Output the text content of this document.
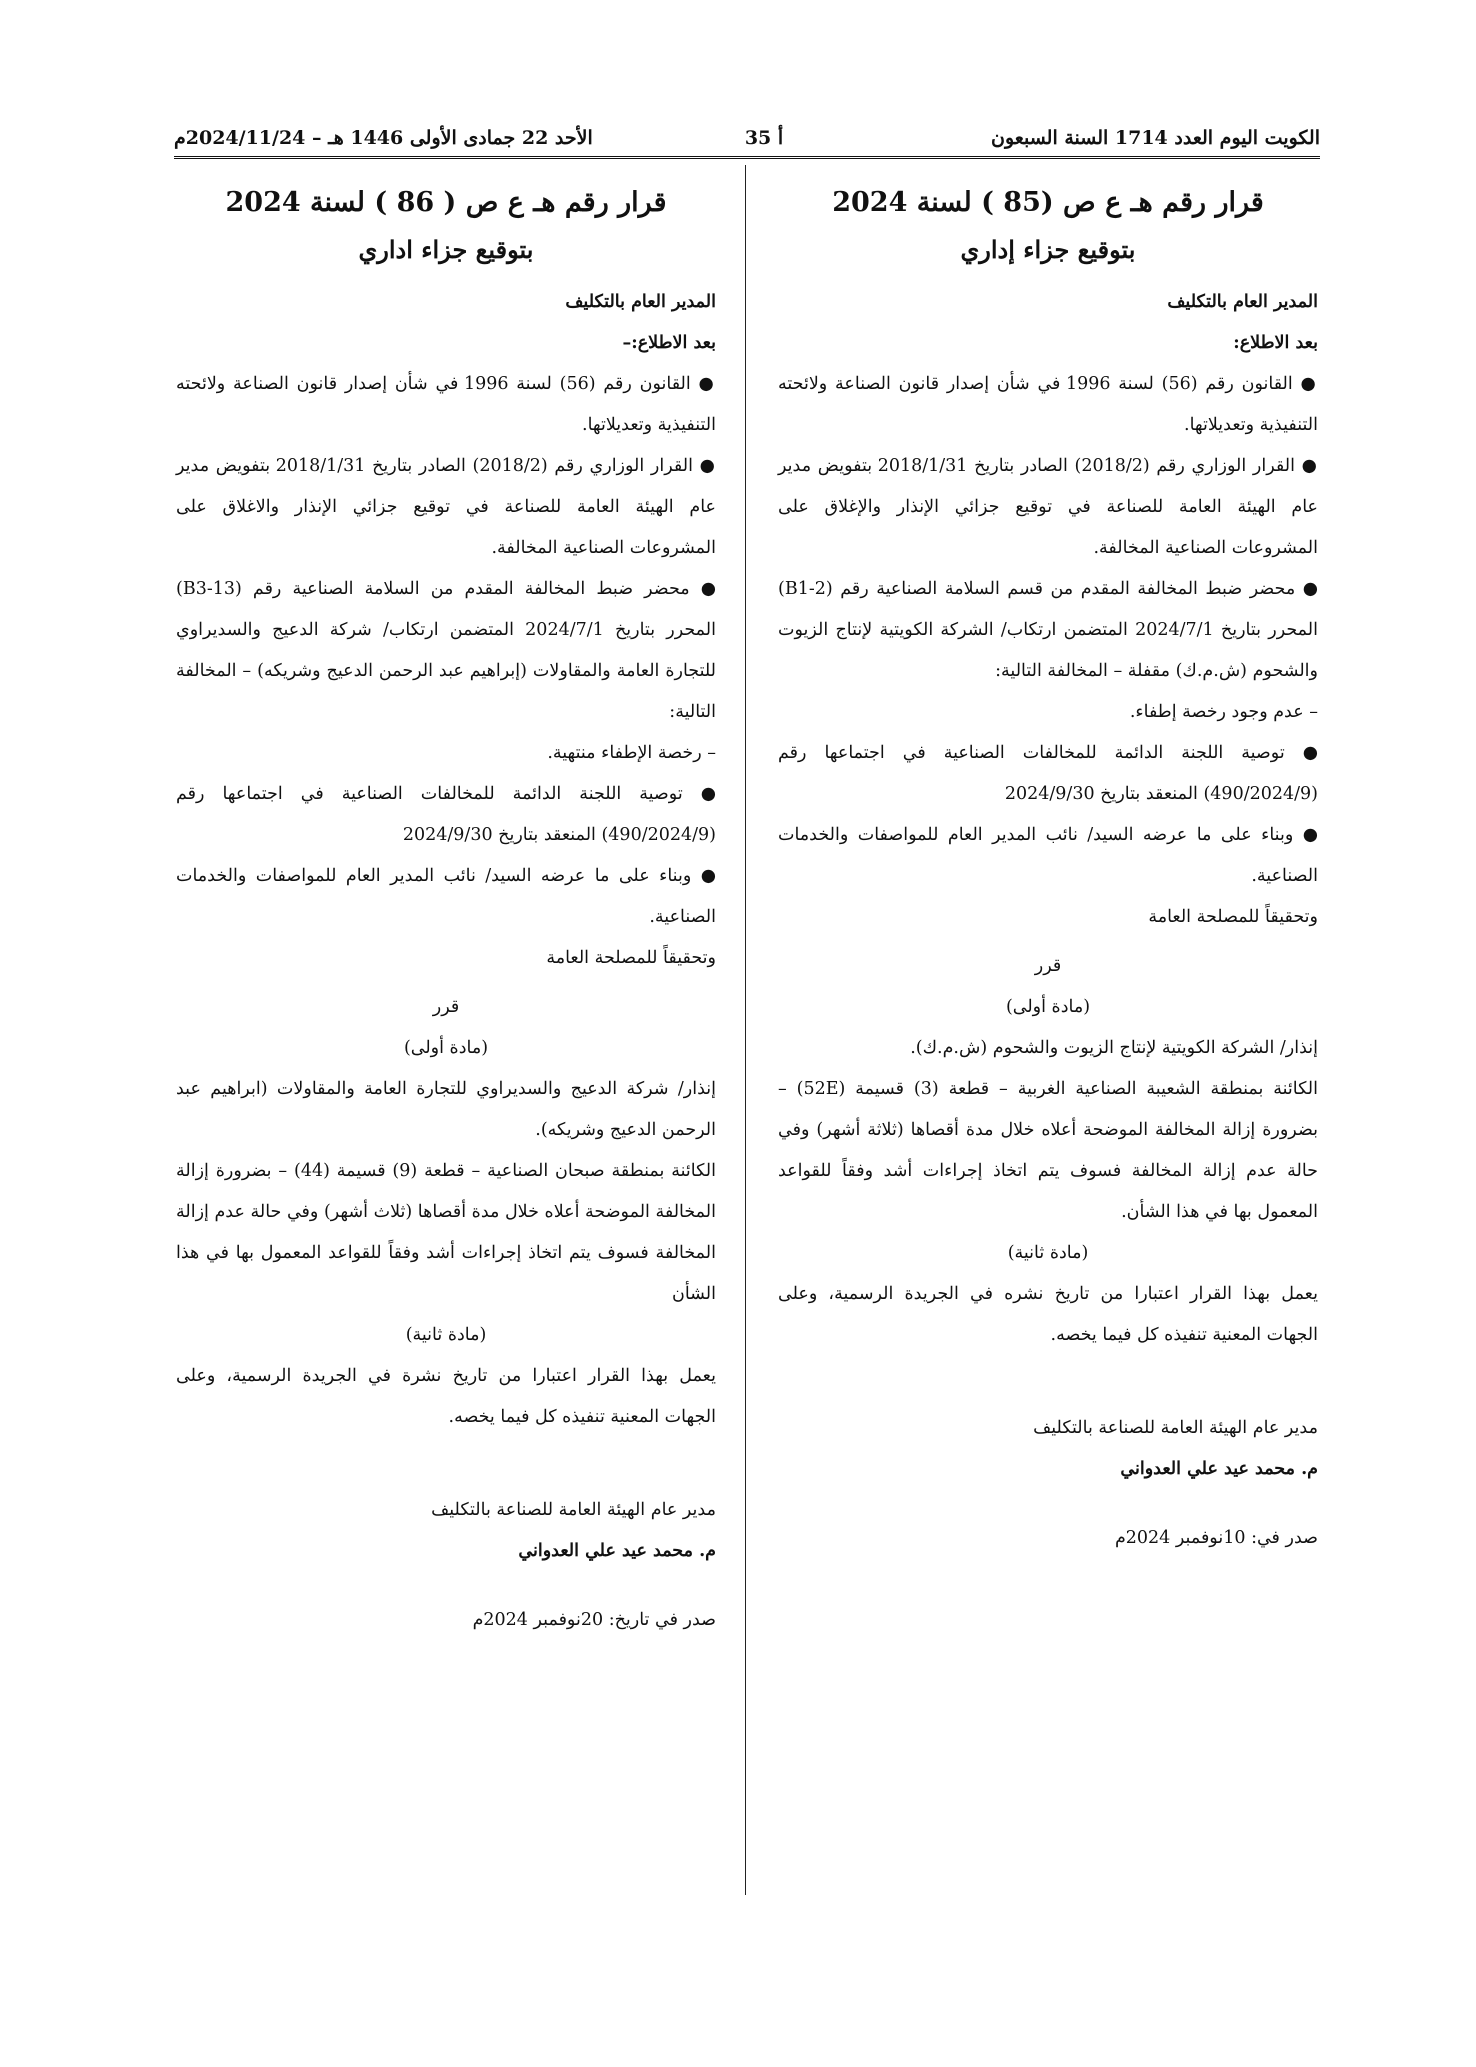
الكويت اليوم العدد 1714 السنة السبعون
أ 35
الأحد 22 جمادى الأولى 1446 هـ – 2024/11/24م

قرار رقم هـ ع ص (85 ) لسنة 2024

بتوقيع جزاء إداري

المدير العام بالتكليف

بعد الاطلاع:

● القانون رقم (56) لسنة 1996 في شأن إصدار قانون الصناعة ولائحته التنفيذية وتعديلاتها.

● القرار الوزاري رقم (2018/2) الصادر بتاريخ 2018/1/31 بتفويض مدير عام الهيئة العامة للصناعة في توقيع جزائي الإنذار والإغلاق على المشروعات الصناعية المخالفة.

● محضر ضبط المخالفة المقدم من قسم السلامة الصناعية رقم (B1-2) المحرر بتاريخ 2024/7/1 المتضمن ارتكاب/ الشركة الكويتية لإنتاج الزيوت والشحوم (ش.م.ك) مقفلة – المخالفة التالية:

– عدم وجود رخصة إطفاء.

● توصية اللجنة الدائمة للمخالفات الصناعية في اجتماعها رقم (490/2024/9) المنعقد بتاريخ 2024/9/30

● وبناء على ما عرضه السيد/ نائب المدير العام للمواصفات والخدمات الصناعية.

وتحقيقاً للمصلحة العامة

قرر

(مادة أولى)

إنذار/ الشركة الكويتية لإنتاج الزيوت والشحوم (ش.م.ك).

الكائنة بمنطقة الشعيبة الصناعية الغربية – قطعة (3) قسيمة (52E) – بضرورة إزالة المخالفة الموضحة أعلاه خلال مدة أقصاها (ثلاثة أشهر) وفي حالة عدم إزالة المخالفة فسوف يتم اتخاذ إجراءات أشد وفقاً للقواعد المعمول بها في هذا الشأن.

(مادة ثانية)

يعمل بهذا القرار اعتبارا من تاريخ نشره في الجريدة الرسمية، وعلى الجهات المعنية تنفيذه كل فيما يخصه.

مدير عام الهيئة العامة للصناعة بالتكليف

م. محمد عيد علي العدواني

صدر في: 10نوفمبر 2024م

قرار رقم هـ ع ص ( 86 ) لسنة 2024

بتوقيع جزاء اداري

المدير العام بالتكليف

بعد الاطلاع:–

● القانون رقم (56) لسنة 1996 في شأن إصدار قانون الصناعة ولائحته التنفيذية وتعديلاتها.

● القرار الوزاري رقم (2018/2) الصادر بتاريخ 2018/1/31 بتفويض مدير عام الهيئة العامة للصناعة في توقيع جزائي الإنذار والاغلاق على المشروعات الصناعية المخالفة.

● محضر ضبط المخالفة المقدم من السلامة الصناعية رقم (B3-13) المحرر بتاريخ 2024/7/1 المتضمن ارتكاب/ شركة الدعيج والسديراوي للتجارة العامة والمقاولات (إبراهيم عبد الرحمن الدعيج وشريكه) – المخالفة التالية:

– رخصة الإطفاء منتهية.

● توصية اللجنة الدائمة للمخالفات الصناعية في اجتماعها رقم (490/2024/9) المنعقد بتاريخ 2024/9/30

● وبناء على ما عرضه السيد/ نائب المدير العام للمواصفات والخدمات الصناعية.

وتحقيقاً للمصلحة العامة

قرر

(مادة أولى)

إنذار/ شركة الدعيج والسديراوي للتجارة العامة والمقاولات (ابراهيم عبد الرحمن الدعيج وشريكه).

الكائنة بمنطقة صبحان الصناعية – قطعة (9) قسيمة (44) – بضرورة إزالة المخالفة الموضحة أعلاه خلال مدة أقصاها (ثلاث أشهر) وفي حالة عدم إزالة المخالفة فسوف يتم اتخاذ إجراءات أشد وفقاً للقواعد المعمول بها في هذا الشأن

(مادة ثانية)

يعمل بهذا القرار اعتبارا من تاريخ نشرة في الجريدة الرسمية، وعلى الجهات المعنية تنفيذه كل فيما يخصه.

مدير عام الهيئة العامة للصناعة بالتكليف

م. محمد عيد علي العدواني

صدر في تاريخ: 20نوفمبر 2024م
